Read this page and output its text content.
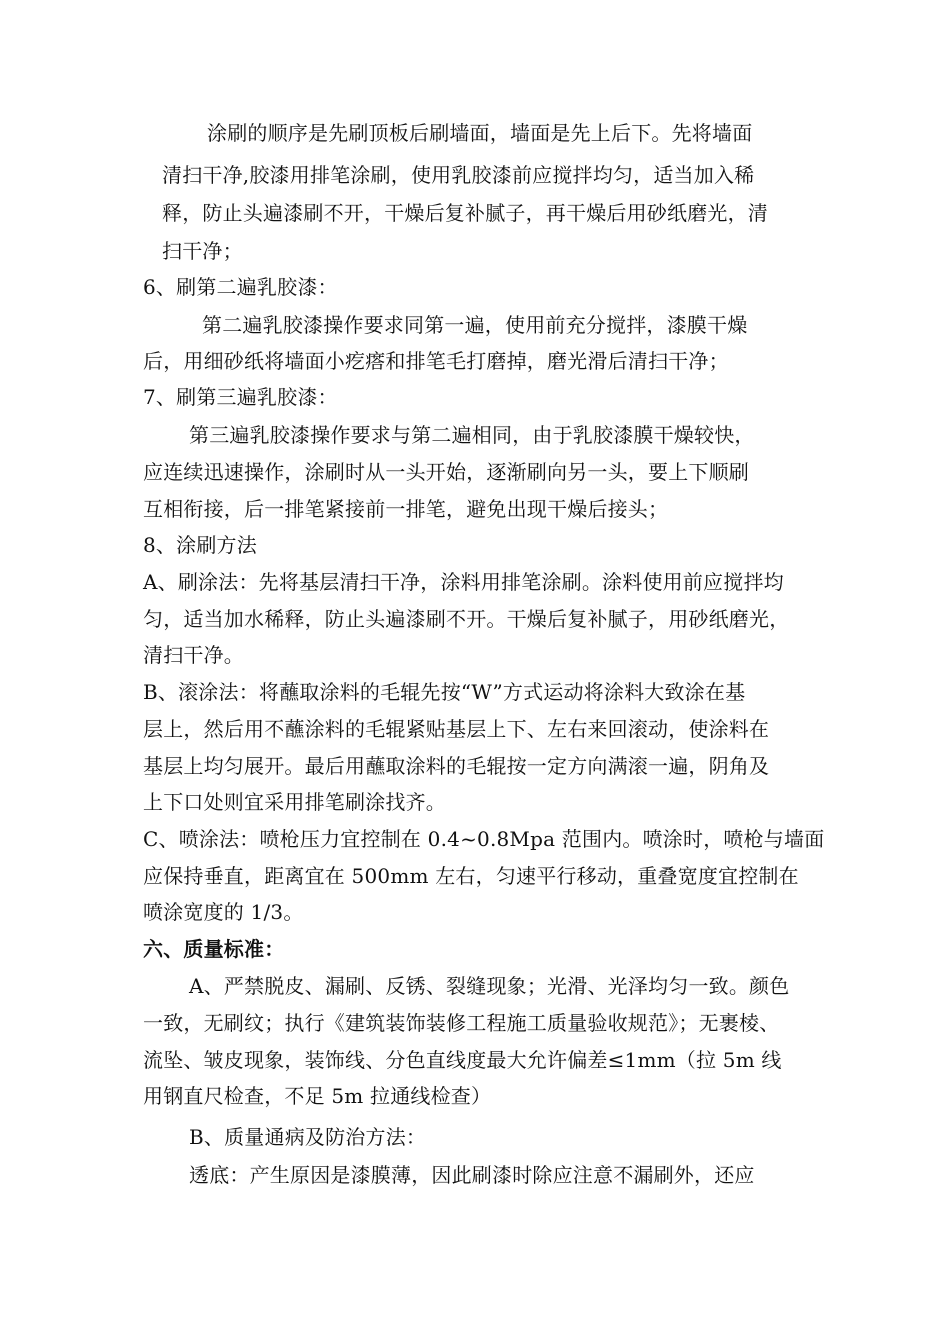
涂刷的顺序是先刷顶板后刷墙面，墙面是先上后下。先将墙面
清扫干净,胶漆用排笔涂刷，使用乳胶漆前应搅拌均匀，适当加入稀
释，防止头遍漆刷不开，干燥后复补腻子，再干燥后用砂纸磨光，清
扫干净；
6、刷第二遍乳胶漆：
第二遍乳胶漆操作要求同第一遍，使用前充分搅拌，漆膜干燥
后，用细砂纸将墙面小疙瘩和排笔毛打磨掉，磨光滑后清扫干净；
7、刷第三遍乳胶漆：
第三遍乳胶漆操作要求与第二遍相同，由于乳胶漆膜干燥较快，
应连续迅速操作，涂刷时从一头开始，逐渐刷向另一头，要上下顺刷
互相衔接，后一排笔紧接前一排笔，避免出现干燥后接头；
8、涂刷方法
A、刷涂法：先将基层清扫干净，涂料用排笔涂刷。涂料使用前应搅拌均
匀，适当加水稀释，防止头遍漆刷不开。干燥后复补腻子，用砂纸磨光，
清扫干净。
B、滚涂法：将蘸取涂料的毛辊先按“W”方式运动将涂料大致涂在基
层上，然后用不蘸涂料的毛辊紧贴基层上下、左右来回滚动，使涂料在
基层上均匀展开。最后用蘸取涂料的毛辊按一定方向满滚一遍，阴角及
上下口处则宜采用排笔刷涂找齐。
C、喷涂法：喷枪压力宜控制在 0.4~0.8Mpa 范围内。喷涂时，喷枪与墙面
应保持垂直，距离宜在 500mm 左右，匀速平行移动，重叠宽度宜控制在
喷涂宽度的 1/3。
六、质量标准：
A、严禁脱皮、漏刷、反锈、裂缝现象；光滑、光泽均匀一致。颜色
一致，无刷纹；执行《建筑装饰装修工程施工质量验收规范》；无裹棱、
流坠、皱皮现象，装饰线、分色直线度最大允许偏差≤1mm（拉 5m 线
用钢直尺检查，不足 5m 拉通线检查）
B、质量通病及防治方法：
透底：产生原因是漆膜薄，因此刷漆时除应注意不漏刷外，还应
